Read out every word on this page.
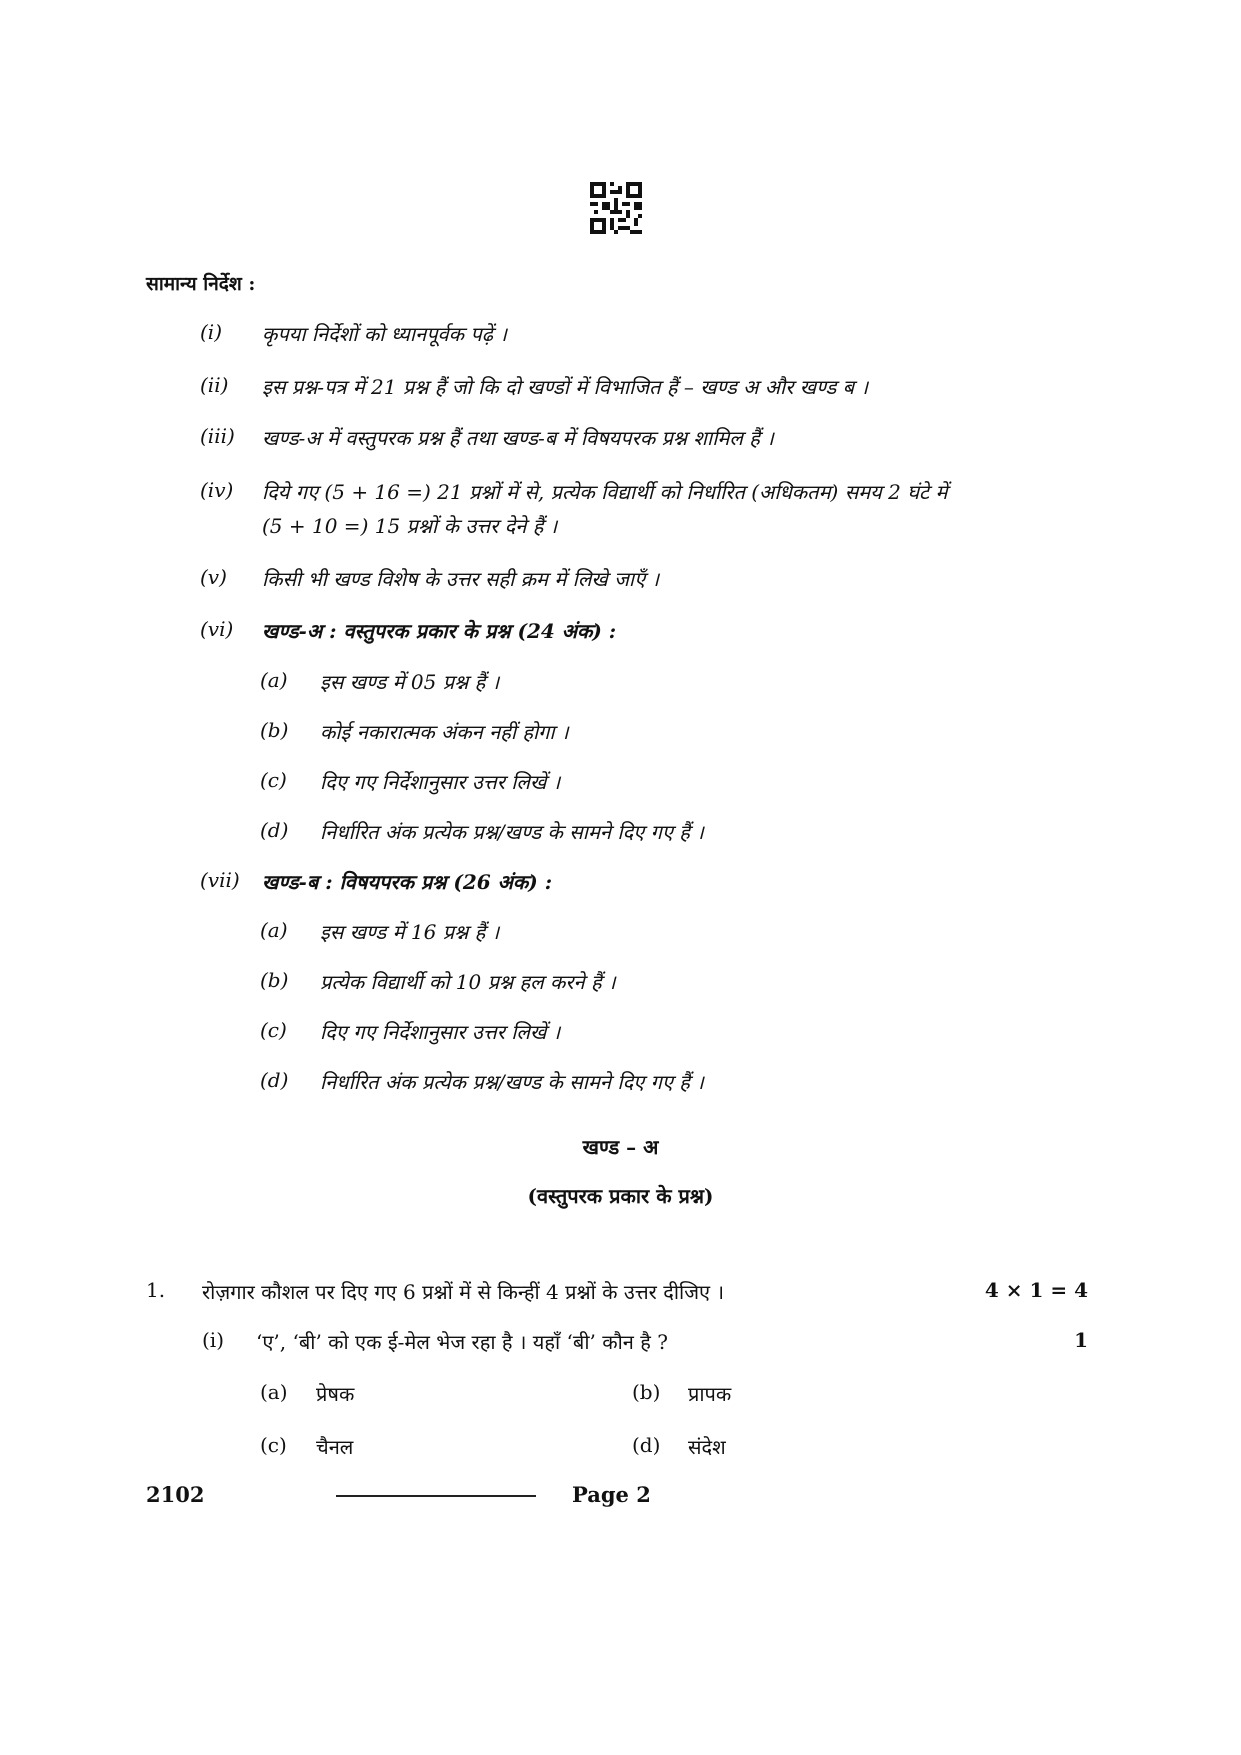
सामान्य निर्देश :
(i) कृपया निर्देशों को ध्यानपूर्वक पढ़ें ।
(ii) इस प्रश्न-पत्र में 21 प्रश्न हैं जो कि दो खण्डों में विभाजित हैं – खण्ड अ और खण्ड ब ।
(iii) खण्ड-अ में वस्तुपरक प्रश्न हैं तथा खण्ड-ब में विषयपरक प्रश्न शामिल हैं ।
(iv) दिये गए (5 + 16 =) 21 प्रश्नों में से, प्रत्येक विद्यार्थी को निर्धारित (अधिकतम) समय 2 घंटे में
(5 + 10 =) 15 प्रश्नों के उत्तर देने हैं ।
(v) किसी भी खण्ड विशेष के उत्तर सही क्रम में लिखे जाएँ ।
(vi) खण्ड-अ : वस्तुपरक प्रकार के प्रश्न (24 अंक) :
(a) इस खण्ड में 05 प्रश्न हैं ।
(b) कोई नकारात्मक अंकन नहीं होगा ।
(c) दिए गए निर्देशानुसार उत्तर लिखें ।
(d) निर्धारित अंक प्रत्येक प्रश्न/खण्ड के सामने दिए गए हैं ।
(vii) खण्ड-ब : विषयपरक प्रश्न (26 अंक) :
(a) इस खण्ड में 16 प्रश्न हैं ।
(b) प्रत्येक विद्यार्थी को 10 प्रश्न हल करने हैं ।
(c) दिए गए निर्देशानुसार उत्तर लिखें ।
(d) निर्धारित अंक प्रत्येक प्रश्न/खण्ड के सामने दिए गए हैं ।
खण्ड – अ
(वस्तुपरक प्रकार के प्रश्न)
1. रोज़गार कौशल पर दिए गए 6 प्रश्नों में से किन्हीं 4 प्रश्नों के उत्तर दीजिए ।	4 × 1 = 4
(i) ‘ए’, ‘बी’ को एक ई-मेल भेज रहा है । यहाँ ‘बी’ कौन है ?	1
(a) प्रेषक	(b) प्रापक
(c) चैनल	(d) संदेश
2102	Page 2
